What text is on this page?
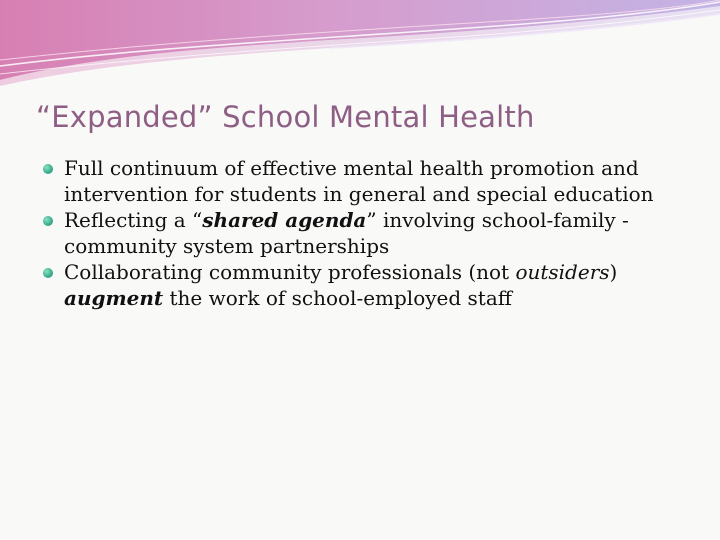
“Expanded” School Mental Health
Full continuum of effective mental health promotion and intervention for students in general and special education
Reflecting a “shared agenda” involving school-family -community system partnerships
Collaborating community professionals (not outsiders) augment the work of school-employed staff
